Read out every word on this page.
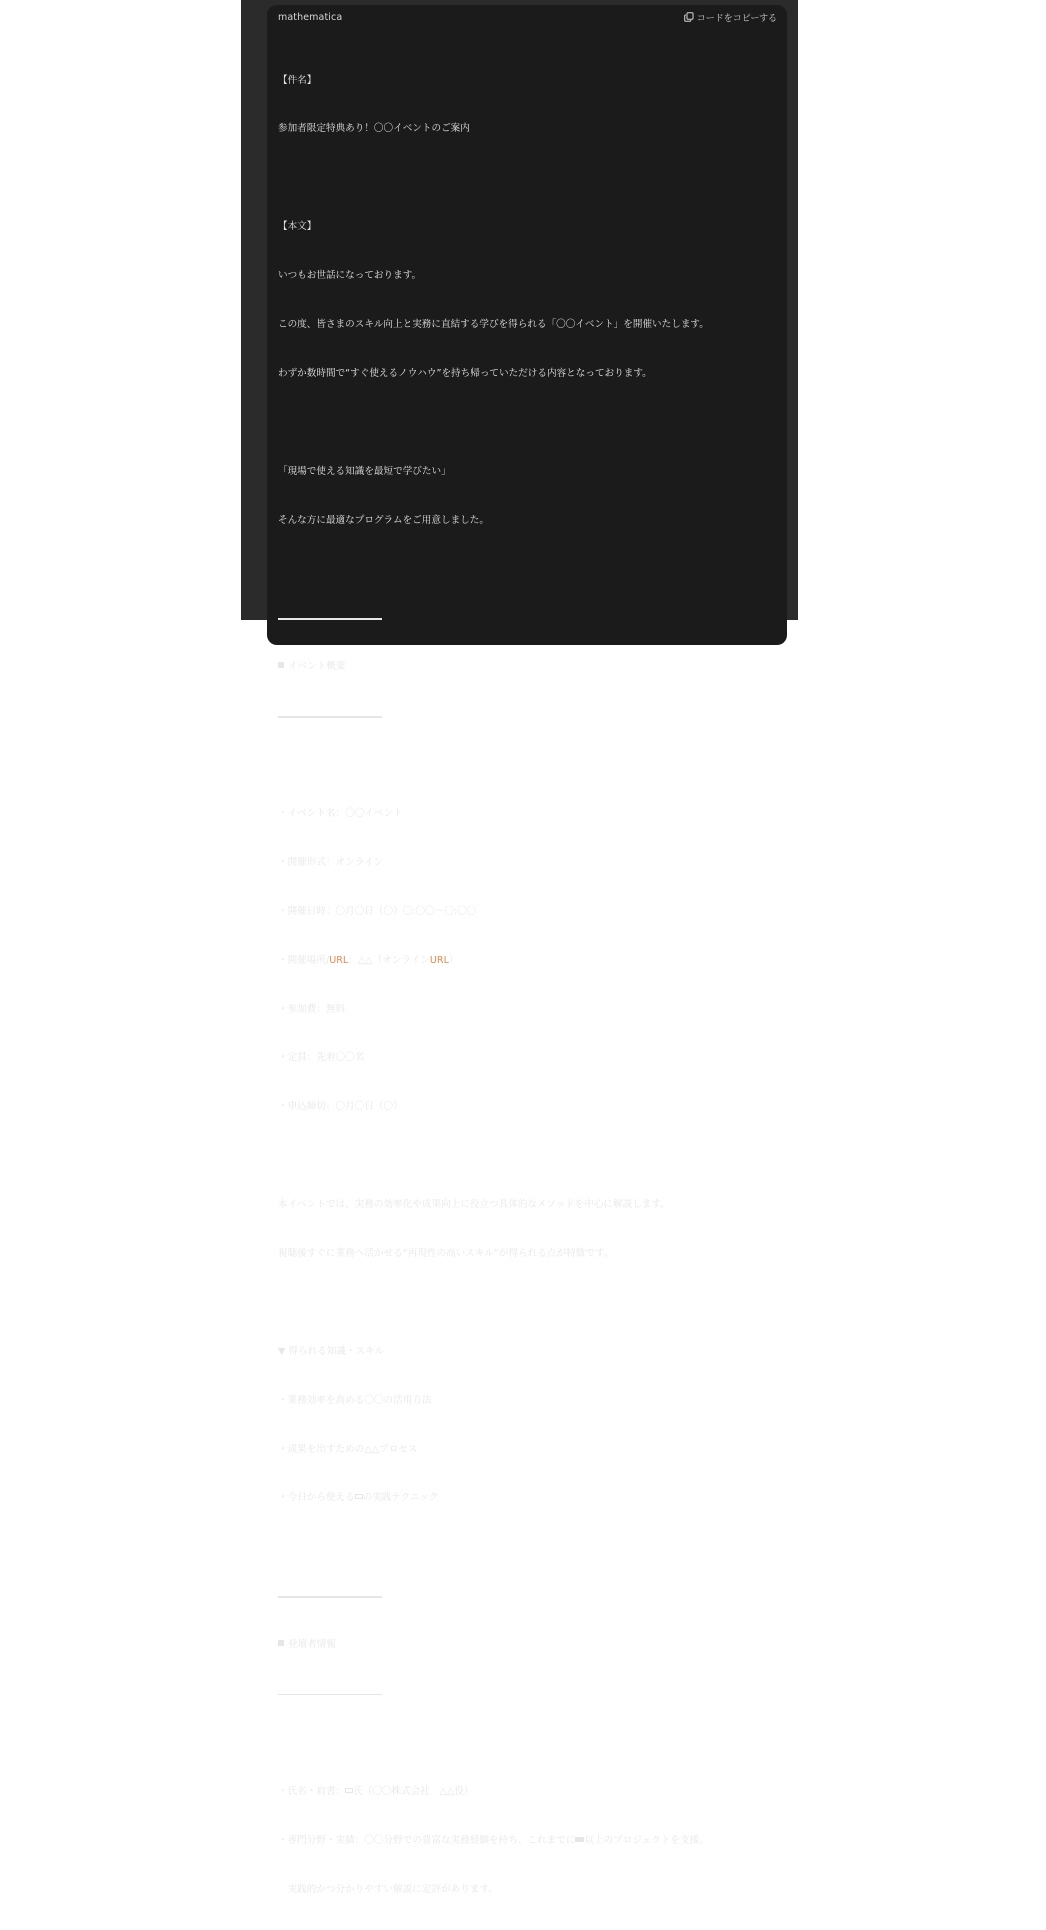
mathematica	コードをコピーする

【件名】

参加者限定特典あり！〇〇イベントのご案内

【本文】

いつもお世話になっております。

この度、皆さまのスキル向上と実務に直結する学びを得られる「〇〇イベント」を開催いたします。

わずか数時間で“すぐ使えるノウハウ”を持ち帰っていただける内容となっております。

「現場で使える知識を最短で学びたい」

そんな方に最適なプログラムをご用意しました。

イベント概要

・イベント名：〇〇イベント

・開催形式：オンライン

・開催日時：〇月〇日（〇）〇:〇〇〜〇:〇〇

・開催場所/URL：△△（オンラインURL）

・参加費：無料

・定員：先着〇〇名

・申込締切：〇月〇日（〇）

本イベントでは、実務の効率化や成果向上に役立つ具体的なメソッドを中心に解説します。

視聴後すぐに業務へ活かせる“再現性の高いスキル”が得られる点が特徴です。

▼ 得られる知識・スキル

・業務効率を高める〇〇の活用方法

・成果を出すための△△プロセス

・今日から使える の実践テクニック

登壇者情報

・氏名・肩書： 氏（〇〇株式会社　△△役）

・専門分野・実績：〇〇分野での豊富な実務経験を持ち、これまでに 以上のプロジェクトを支援。

　実践的かつ分かりやすい解説に定評があります。
